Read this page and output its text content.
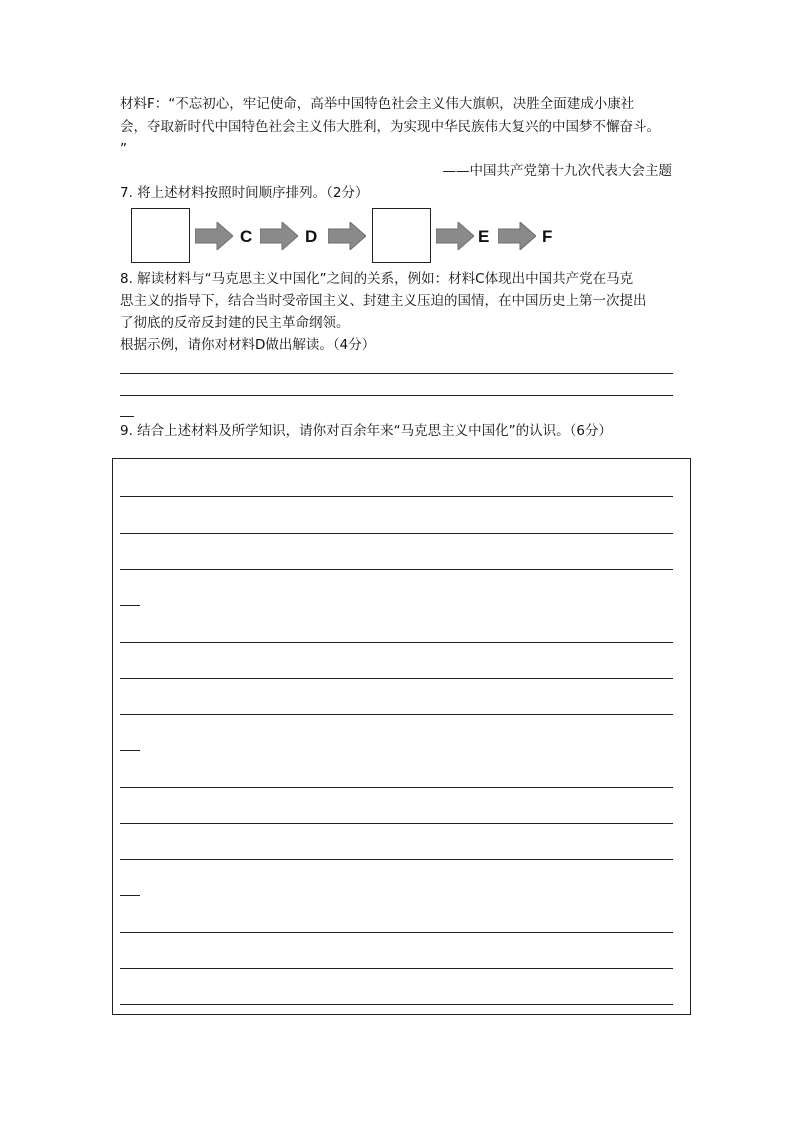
材料F：“不忘初心，牢记使命，高举中国特色社会主义伟大旗帜，决胜全面建成小康社
会，夺取新时代中国特色社会主义伟大胜利，为实现中华民族伟大复兴的中国梦不懈奋斗。
”
——中国共产党第十九次代表大会主题
7. 将上述材料按照时间顺序排列。（2分）
C	D	E	F
8. 解读材料与“马克思主义中国化”之间的关系，例如：材料C体现出中国共产党在马克
思主义的指导下，结合当时受帝国主义、封建主义压迫的国情，在中国历史上第一次提出
了彻底的反帝反封建的民主革命纲领。
根据示例，请你对材料D做出解读。（4分）
9. 结合上述材料及所学知识，请你对百余年来“马克思主义中国化”的认识。（6分）
